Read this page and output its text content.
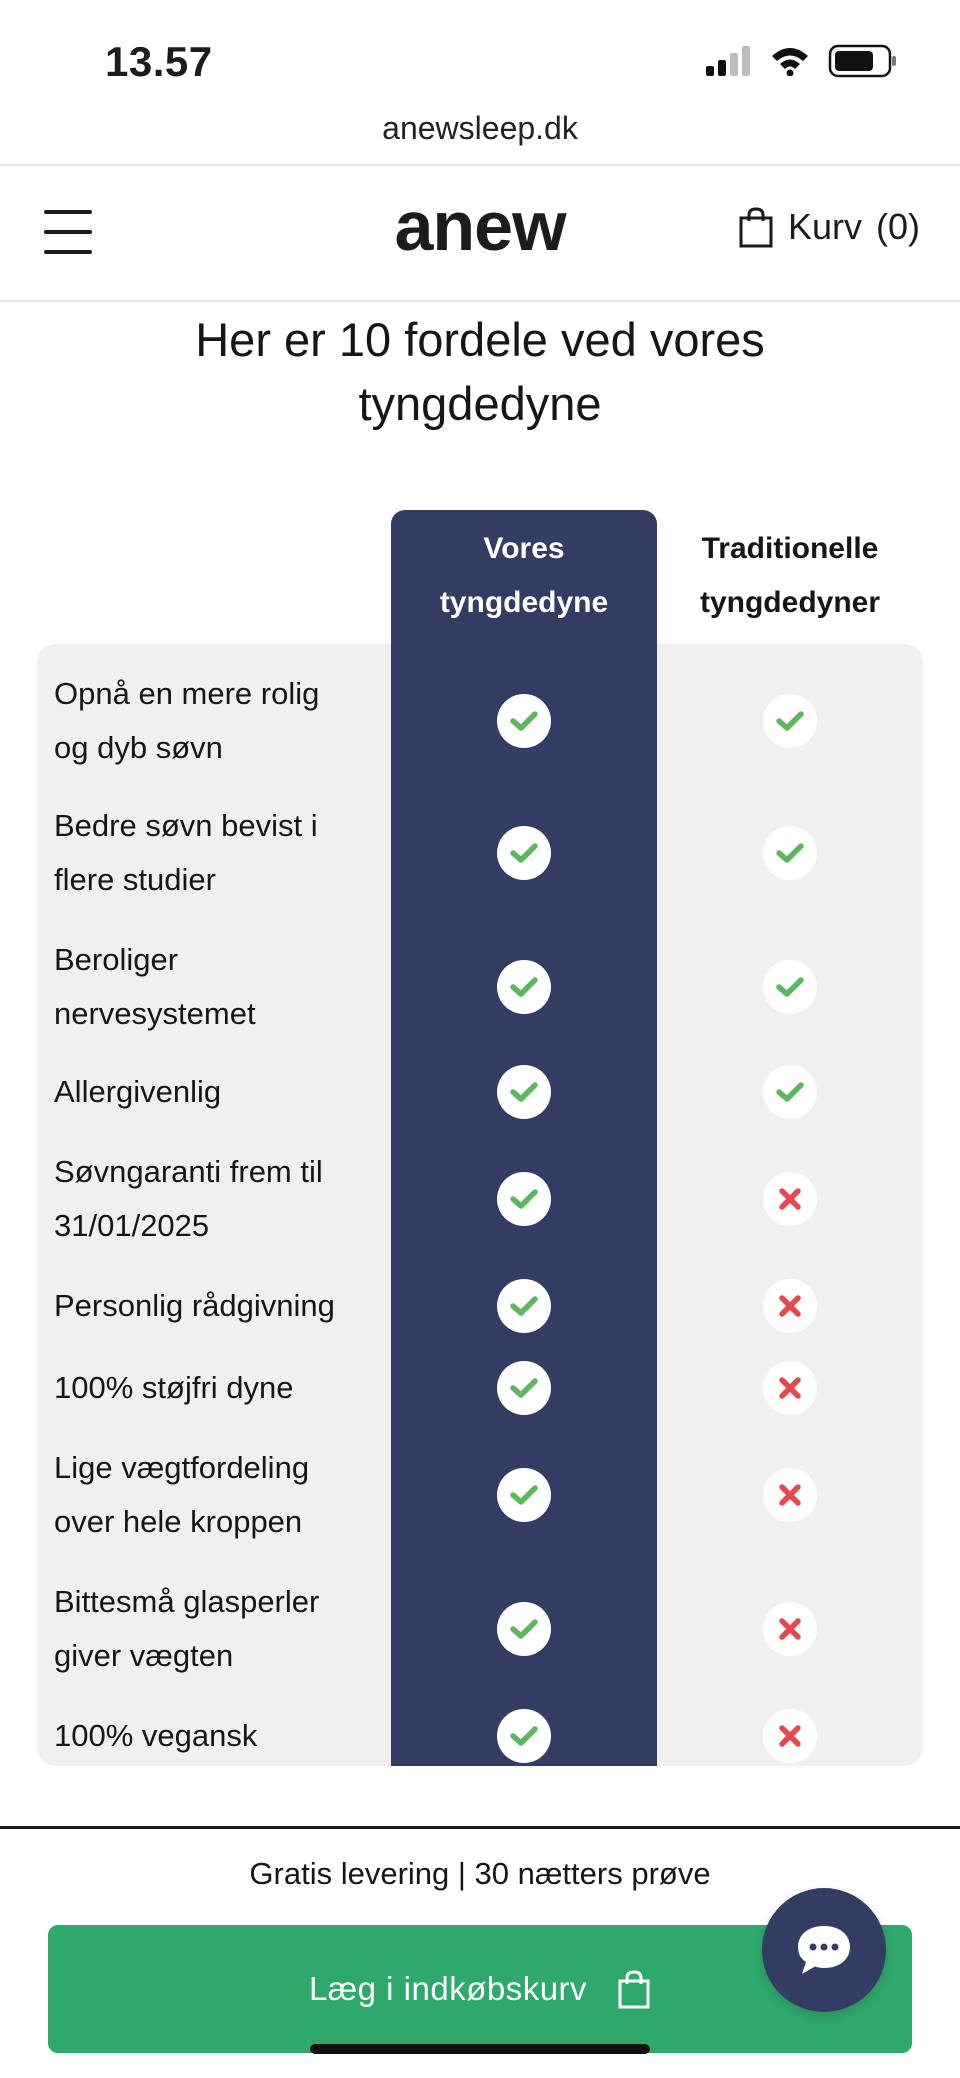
13.57
anewsleep.dk
anew	Kurv (0)
Her er 10 fordele ved vores
tyngdedyne
Vores
tyngdedyne
Traditionelle
tyngdedyner
Opnå en mere rolig
og dyb søvn
Bedre søvn bevist i
flere studier
Beroliger
nervesystemet
Allergivenlig
Søvngaranti frem til
31/01/2025
Personlig rådgivning
100% støjfri dyne
Lige vægtfordeling
over hele kroppen
Bittesmå glasperler
giver vægten
100% vegansk
Gratis levering | 30 nætters prøve
Læg i indkøbskurv
